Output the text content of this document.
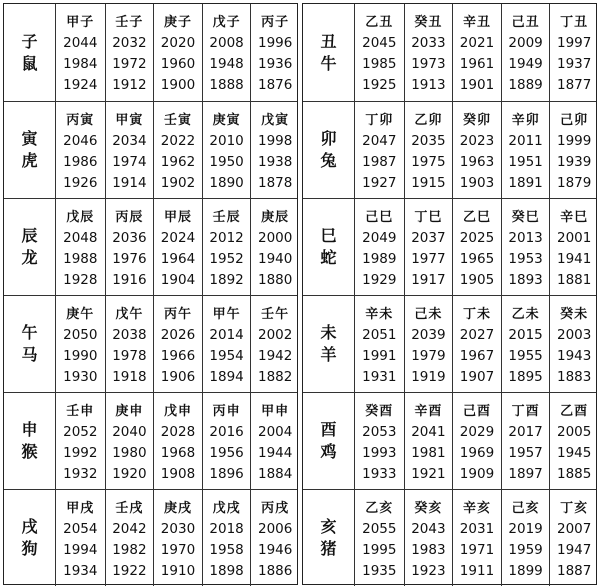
子
鼠
甲子
2044
1984
1924
壬子
2032
1972
1912
庚子
2020
1960
1900
戊子
2008
1948
1888
丙子
1996
1936
1876
寅
虎
丙寅
2046
1986
1926
甲寅
2034
1974
1914
壬寅
2022
1962
1902
庚寅
2010
1950
1890
戊寅
1998
1938
1878
辰
龙
戊辰
2048
1988
1928
丙辰
2036
1976
1916
甲辰
2024
1964
1904
壬辰
2012
1952
1892
庚辰
2000
1940
1880
午
马
庚午
2050
1990
1930
戊午
2038
1978
1918
丙午
2026
1966
1906
甲午
2014
1954
1894
壬午
2002
1942
1882
申
猴
壬申
2052
1992
1932
庚申
2040
1980
1920
戊申
2028
1968
1908
丙申
2016
1956
1896
甲申
2004
1944
1884
戌
狗
甲戌
2054
1994
1934
壬戌
2042
1982
1922
庚戌
2030
1970
1910
戊戌
2018
1958
1898
丙戌
2006
1946
1886
丑
牛
乙丑
2045
1985
1925
癸丑
2033
1973
1913
辛丑
2021
1961
1901
己丑
2009
1949
1889
丁丑
1997
1937
1877
卯
兔
丁卯
2047
1987
1927
乙卯
2035
1975
1915
癸卯
2023
1963
1903
辛卯
2011
1951
1891
己卯
1999
1939
1879
巳
蛇
己巳
2049
1989
1929
丁巳
2037
1977
1917
乙巳
2025
1965
1905
癸巳
2013
1953
1893
辛巳
2001
1941
1881
未
羊
辛未
2051
1991
1931
己未
2039
1979
1919
丁未
2027
1967
1907
乙未
2015
1955
1895
癸未
2003
1943
1883
酉
鸡
癸酉
2053
1993
1933
辛酉
2041
1981
1921
己酉
2029
1969
1909
丁酉
2017
1957
1897
乙酉
2005
1945
1885
亥
猪
乙亥
2055
1995
1935
癸亥
2043
1983
1923
辛亥
2031
1971
1911
己亥
2019
1959
1899
丁亥
2007
1947
1887
